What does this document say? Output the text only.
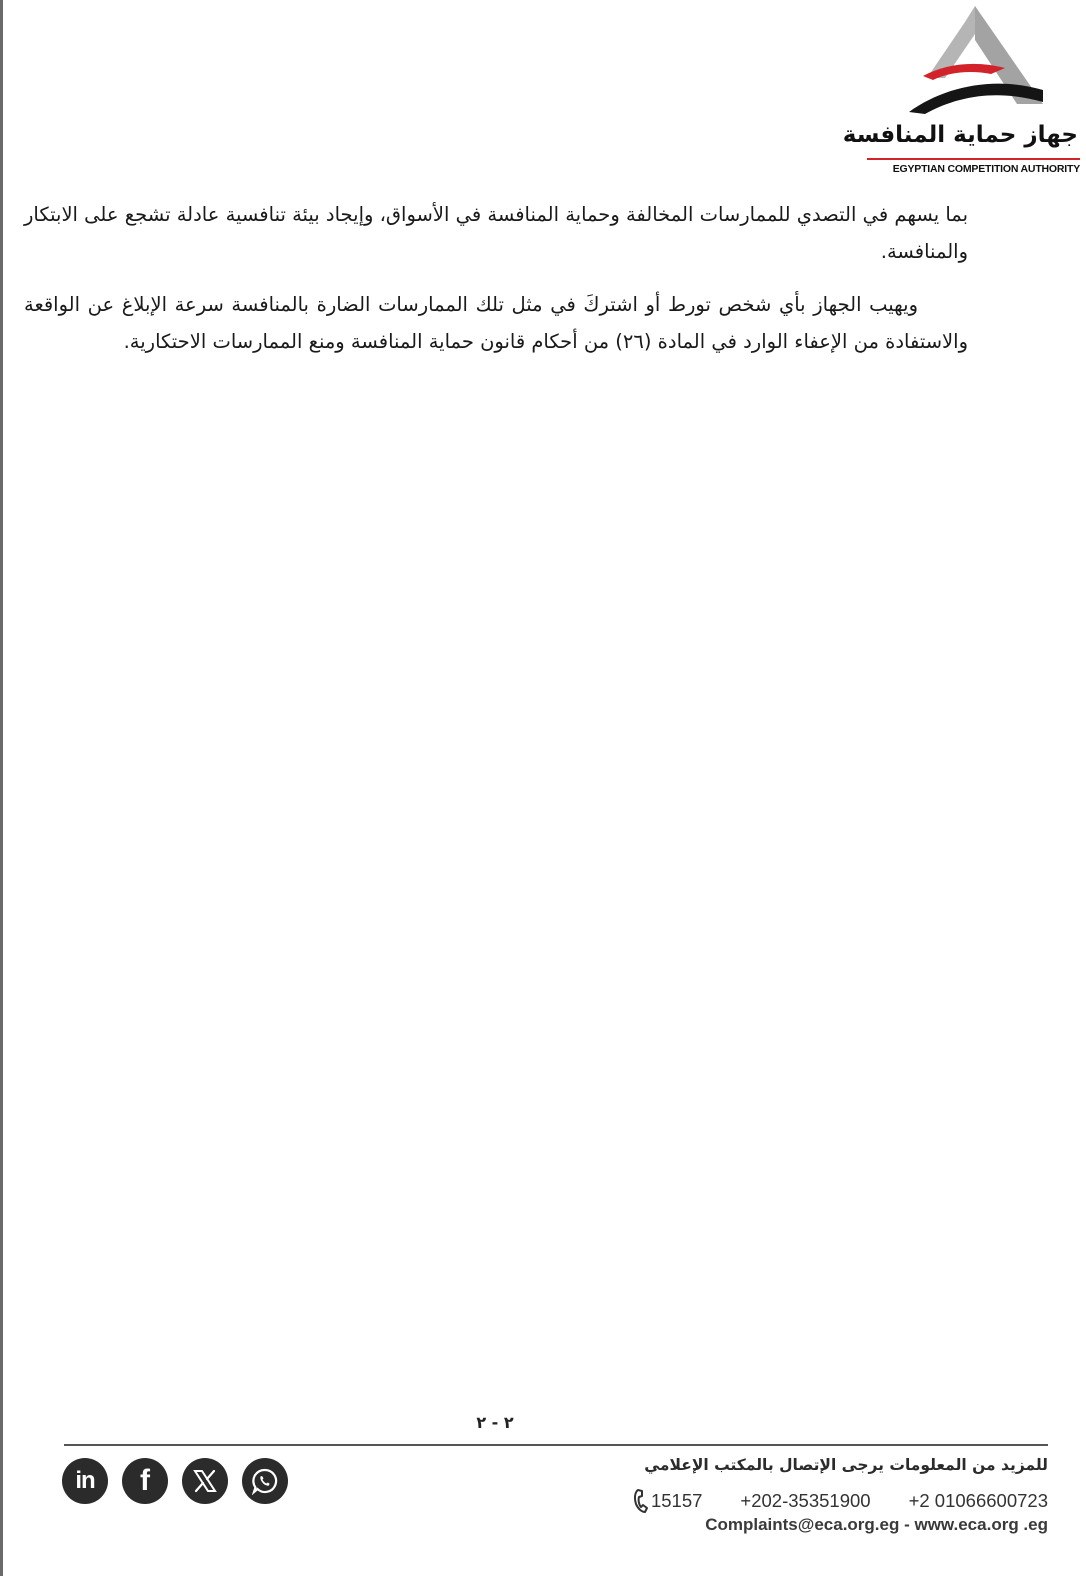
جهاز حماية المنافسة
EGYPTIAN COMPETITION AUTHORITY

بما يسهم في التصدي للممارسات المخالفة وحماية المنافسة في الأسواق، وإيجاد بيئة تنافسية عادلة تشجع على الابتكار والمنافسة.

ويهيب الجهاز بأي شخص تورط أو اشتركَ في مثل تلك الممارسات الضارة بالمنافسة سرعة الإبلاغ عن الواقعة والاستفادة من الإعفاء الوارد في المادة (٢٦) من أحكام قانون حماية المنافسة ومنع الممارسات الاحتكارية.

٢ - ٢
in f	للمزيد من المعلومات يرجى الإتصال بالمكتب الإعلامي
15157 +202-35351900 +2 01066600723
Complaints@eca.org.eg - www.eca.org .eg
